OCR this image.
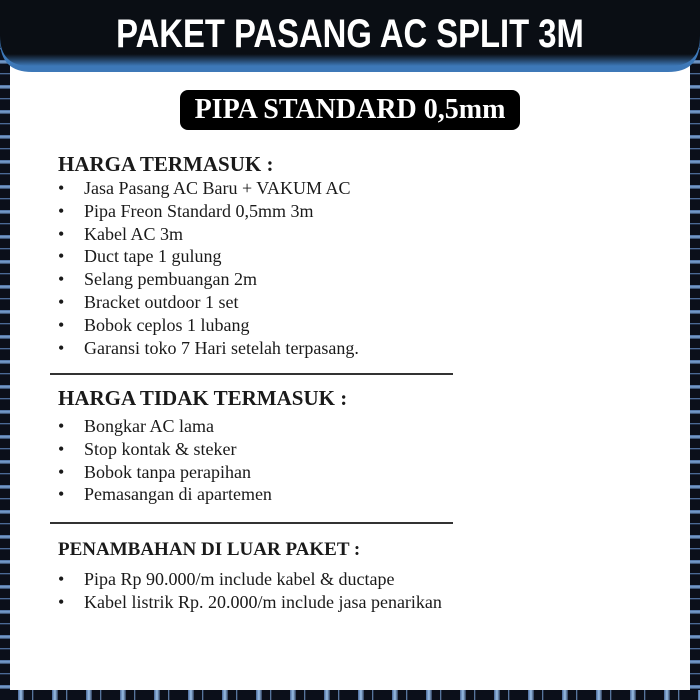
PAKET PASANG AC SPLIT 3M
PIPA STANDARD 0,5mm
HARGA TERMASUK :
• Jasa Pasang AC Baru + VAKUM AC
• Pipa Freon Standard 0,5mm 3m
• Kabel AC 3m
• Duct tape 1 gulung
• Selang pembuangan 2m
• Bracket outdoor 1 set
• Bobok ceplos 1 lubang
• Garansi toko 7 Hari setelah terpasang.
HARGA TIDAK TERMASUK :
• Bongkar AC lama
• Stop kontak & steker
• Bobok tanpa perapihan
• Pemasangan di apartemen
PENAMBAHAN DI LUAR PAKET :
• Pipa Rp 90.000/m include kabel & ductape
• Kabel listrik Rp. 20.000/m include jasa penarikan
